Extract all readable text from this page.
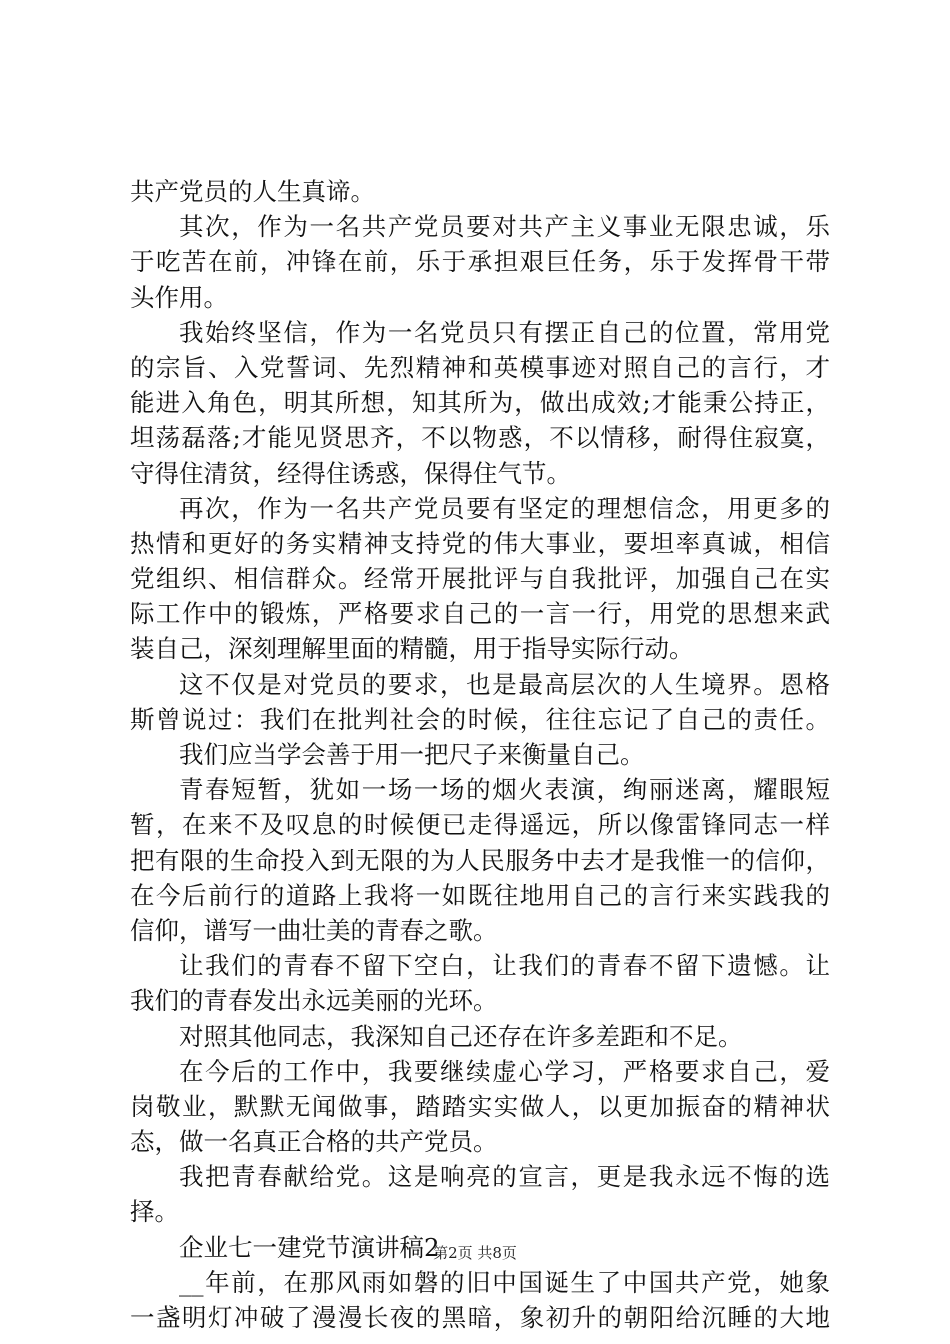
共产党员的人生真谛。
其次，作为一名共产党员要对共产主义事业无限忠诚，乐
于吃苦在前，冲锋在前，乐于承担艰巨任务，乐于发挥骨干带
头作用。
我始终坚信，作为一名党员只有摆正自己的位置，常用党
的宗旨、入党誓词、先烈精神和英模事迹对照自己的言行，才
能进入角色，明其所想，知其所为，做出成效;才能秉公持正，
坦荡磊落;才能见贤思齐，不以物惑，不以情移，耐得住寂寞，
守得住清贫，经得住诱惑，保得住气节。
再次，作为一名共产党员要有坚定的理想信念，用更多的
热情和更好的务实精神支持党的伟大事业，要坦率真诚，相信
党组织、相信群众。经常开展批评与自我批评，加强自己在实
际工作中的锻炼，严格要求自己的一言一行，用党的思想来武
装自己，深刻理解里面的精髓，用于指导实际行动。
这不仅是对党员的要求，也是最高层次的人生境界。恩格
斯曾说过：我们在批判社会的时候，往往忘记了自己的责任。
我们应当学会善于用一把尺子来衡量自己。
青春短暂，犹如一场一场的烟火表演，绚丽迷离，耀眼短
暂，在来不及叹息的时候便已走得遥远，所以像雷锋同志一样
把有限的生命投入到无限的为人民服务中去才是我惟一的信仰，
在今后前行的道路上我将一如既往地用自己的言行来实践我的
信仰，谱写一曲壮美的青春之歌。
让我们的青春不留下空白，让我们的青春不留下遗憾。让
我们的青春发出永远美丽的光环。
对照其他同志，我深知自己还存在许多差距和不足。
在今后的工作中，我要继续虚心学习，严格要求自己，爱
岗敬业，默默无闻做事，踏踏实实做人，以更加振奋的精神状
态，做一名真正合格的共产党员。
我把青春献给党。这是响亮的宣言，更是我永远不悔的选
择。
企业七一建党节演讲稿2
__年前，在那风雨如磐的旧中国诞生了中国共产党，她象
一盏明灯冲破了漫漫长夜的黑暗，象初升的朝阳给沉睡的大地
第2页 共8页
